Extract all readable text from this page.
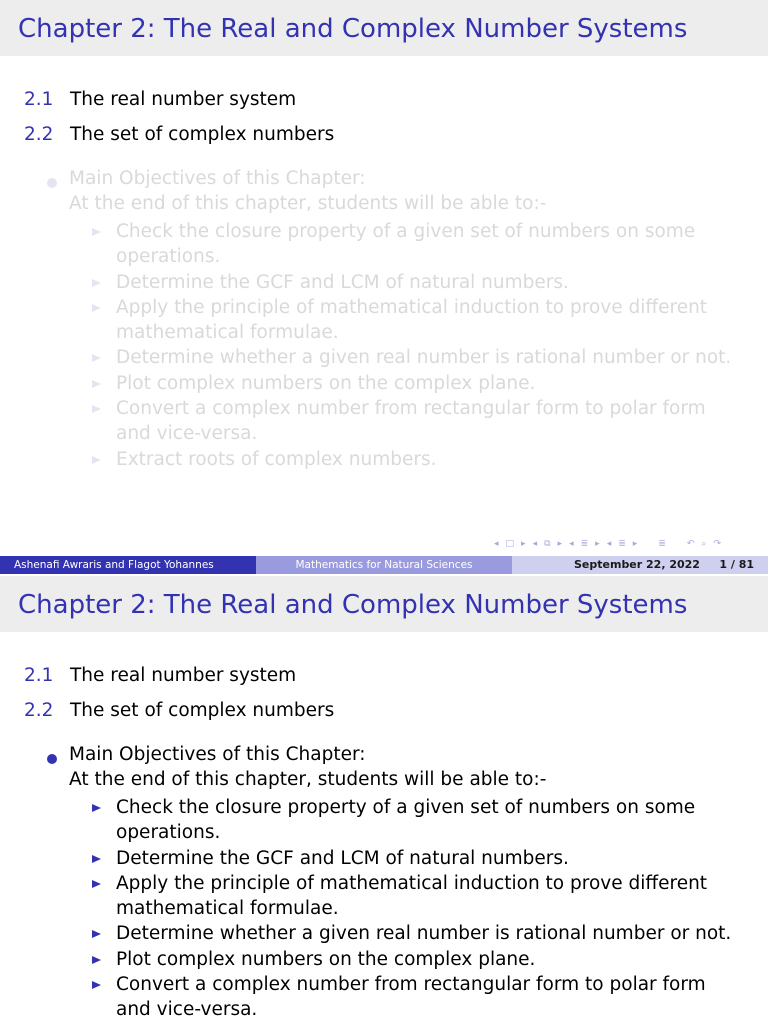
Chapter 2: The Real and Complex Number Systems
2.1 The real number system
2.2 The set of complex numbers
Main Objectives of this Chapter:
At the end of this chapter, students will be able to:-
Check the closure property of a given set of numbers on some operations.
Determine the GCF and LCM of natural numbers.
Apply the principle of mathematical induction to prove different mathematical formulae.
Determine whether a given real number is rational number or not.
Plot complex numbers on the complex plane.
Convert a complex number from rectangular form to polar form and vice-versa.
Extract roots of complex numbers.
◂ □ ▸ ◂ ⧉ ▸ ◂ ≣ ▸ ◂ ≣ ▸ ≣ ↶ ⌕ ↷
Ashenafi Awraris and Flagot Yohannes	Mathematics for Natural Sciences	September 22, 2022 1 / 81
Chapter 2: The Real and Complex Number Systems
2.1 The real number system
2.2 The set of complex numbers
Main Objectives of this Chapter:
At the end of this chapter, students will be able to:-
Check the closure property of a given set of numbers on some operations.
Determine the GCF and LCM of natural numbers.
Apply the principle of mathematical induction to prove different mathematical formulae.
Determine whether a given real number is rational number or not.
Plot complex numbers on the complex plane.
Convert a complex number from rectangular form to polar form and vice-versa.
